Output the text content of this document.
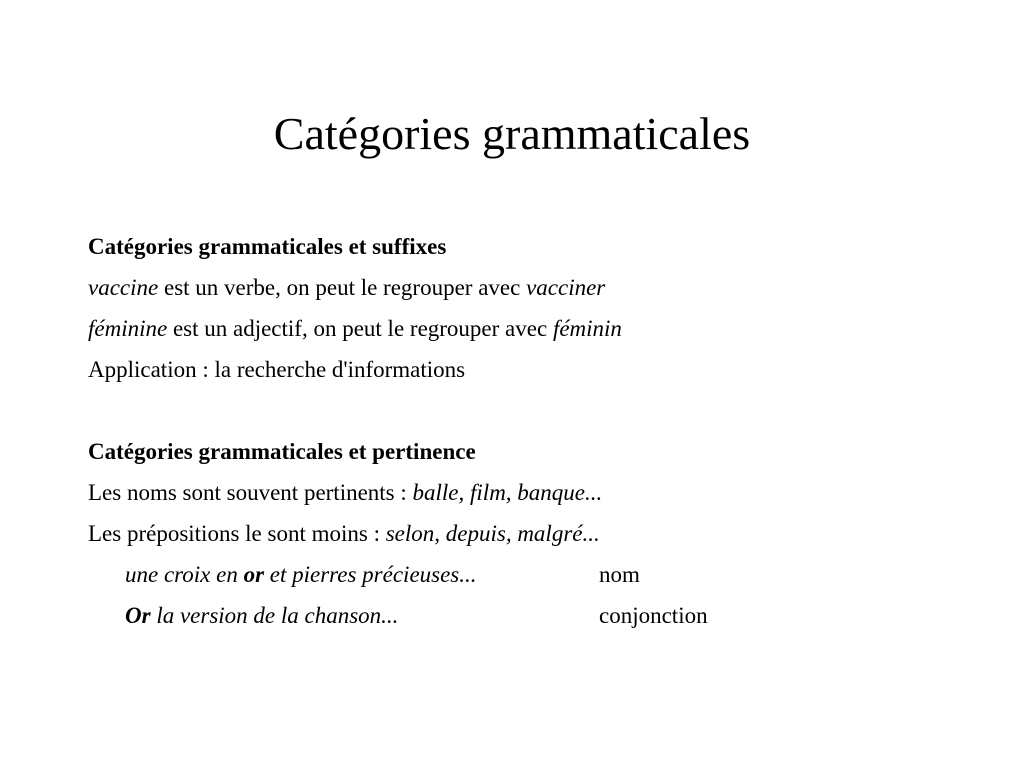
Catégories grammaticales
Catégories grammaticales et suffixes
vaccine est un verbe, on peut le regrouper avec vacciner
féminine est un adjectif, on peut le regrouper avec féminin
Application : la recherche d'informations
Catégories grammaticales et pertinence
Les noms sont souvent pertinents : balle, film, banque...
Les prépositions le sont moins : selon, depuis, malgré...
une croix en or et pierres précieuses...	nom
Or la version de la chanson...	conjonction
